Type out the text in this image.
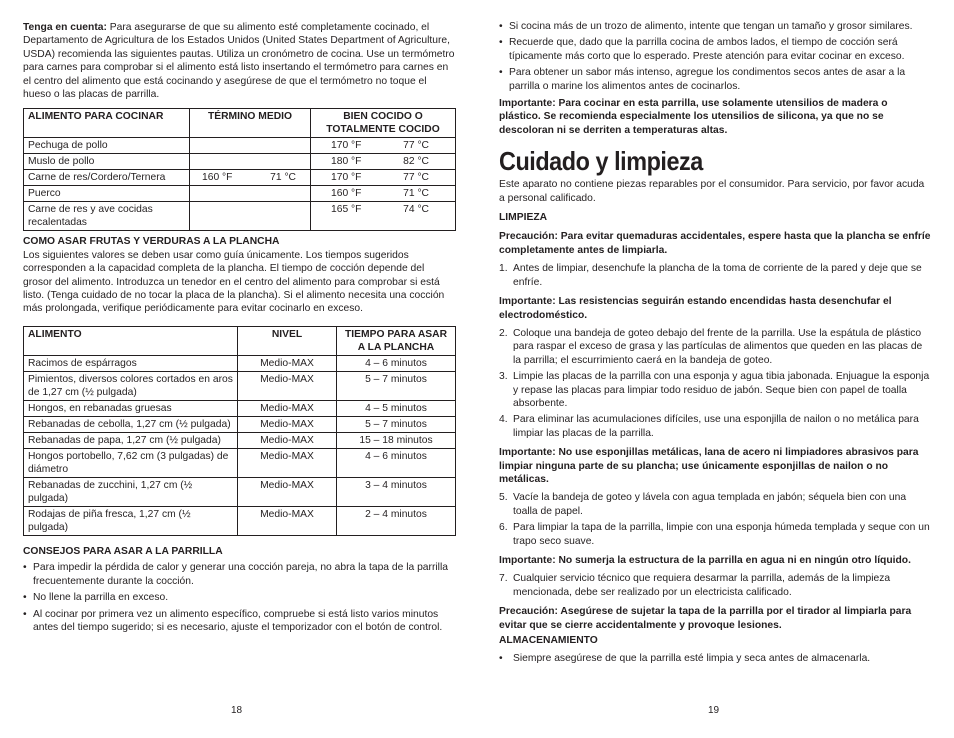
Tenga en cuenta: Para asegurarse de que su alimento esté completamente cocinado, el Departamento de Agricultura de los Estados Unidos (United States Department of Agriculture, USDA) recomienda las siguientes pautas. Utiliza un cronómetro de cocina. Use un termómetro para carnes para comprobar si el alimento está listo insertando el termómetro para carnes en el centro del alimento que está cocinando y asegúrese de que el termómetro no toque el hueso o las placas de parrilla.

ALIMENTO PARA COCINAR	TÉRMINO MEDIO	BIEN COCIDO O TOTALMENTE COCIDO
Pechuga de pollo		170 °F 77 °C
Muslo de pollo		180 °F 82 °C
Carne de res/Cordero/Ternera	160 °F 71 °C	170 °F 77 °C
Puerco		160 °F 71 °C
Carne de res y ave cocidas recalentadas		165 °F 74 °C

COMO ASAR FRUTAS Y VERDURAS A LA PLANCHA

Los siguientes valores se deben usar como guía únicamente. Los tiempos sugeridos corresponden a la capacidad completa de la plancha. El tiempo de cocción depende del grosor del alimento. Introduzca un tenedor en el centro del alimento para comprobar si está listo. (Tenga cuidado de no tocar la placa de la plancha). Si el alimento necesita una cocción más prolongada, verifique periódicamente para evitar cocinarlo en exceso.

ALIMENTO	NIVEL	TIEMPO PARA ASAR A LA PLANCHA
Racimos de espárragos	Medio-MAX	4 – 6 minutos
Pimientos, diversos colores cortados en aros de 1,27 cm (½ pulgada)	Medio-MAX	5 – 7 minutos
Hongos, en rebanadas gruesas	Medio-MAX	4 – 5 minutos
Rebanadas de cebolla, 1,27 cm (½ pulgada)	Medio-MAX	5 – 7 minutos
Rebanadas de papa, 1,27 cm (½ pulgada)	Medio-MAX	15 – 18 minutos
Hongos portobello, 7,62 cm (3 pulgadas) de diámetro	Medio-MAX	4 – 6 minutos
Rebanadas de zucchini, 1,27 cm (½ pulgada)	Medio-MAX	3 – 4 minutos
Rodajas de piña fresca, 1,27 cm (½ pulgada)	Medio-MAX	2 – 4 minutos

CONSEJOS PARA ASAR A LA PARRILLA

• Para impedir la pérdida de calor y generar una cocción pareja, no abra la tapa de la parrilla frecuentemente durante la cocción.
• No llene la parrilla en exceso.
• Al cocinar por primera vez un alimento específico, compruebe si está listo varios minutos antes del tiempo sugerido; si es necesario, ajuste el temporizador con el botón de control.
18
• Si cocina más de un trozo de alimento, intente que tengan un tamaño y grosor similares.
• Recuerde que, dado que la parrilla cocina de ambos lados, el tiempo de cocción será típicamente más corto que lo esperado. Preste atención para evitar cocinar en exceso.
• Para obtener un sabor más intenso, agregue los condimentos secos antes de asar a la parrilla o marine los alimentos antes de cocinarlos.

Importante: Para cocinar en esta parrilla, use solamente utensilios de madera o plástico. Se recomienda especialmente los utensilios de silicona, ya que no se descoloran ni se derriten a temperaturas altas.

Cuidado y limpieza

Este aparato no contiene piezas reparables por el consumidor. Para servicio, por favor acuda a personal calificado.

LIMPIEZA

Precaución: Para evitar quemaduras accidentales, espere hasta que la plancha se enfríe completamente antes de limpiarla.

1. Antes de limpiar, desenchufe la plancha de la toma de corriente de la pared y deje que se enfríe.

Importante: Las resistencias seguirán estando encendidas hasta desenchufar el electrodoméstico.

2. Coloque una bandeja de goteo debajo del frente de la parrilla. Use la espátula de plástico para raspar el exceso de grasa y las partículas de alimentos que queden en las placas de la parrilla; el escurrimiento caerá en la bandeja de goteo.
3. Limpie las placas de la parrilla con una esponja y agua tibia jabonada. Enjuague la esponja y repase las placas para limpiar todo residuo de jabón. Seque bien con papel de toalla absorbente.
4. Para eliminar las acumulaciones difíciles, use una esponjilla de nailon o no metálica para limpiar las placas de la parrilla.

Importante: No use esponjillas metálicas, lana de acero ni limpiadores abrasivos para limpiar ninguna parte de su plancha; use únicamente esponjillas de nailon o no metálicas.

5. Vacíe la bandeja de goteo y lávela con agua templada en jabón; séquela bien con una toalla de papel.
6. Para limpiar la tapa de la parrilla, limpie con una esponja húmeda templada y seque con un trapo seco suave.

Importante: No sumerja la estructura de la parrilla en agua ni en ningún otro líquido.

7. Cualquier servicio técnico que requiera desarmar la parrilla, además de la limpieza mencionada, debe ser realizado por un electricista calificado.

Precaución: Asegúrese de sujetar la tapa de la parrilla por el tirador al limpiarla para evitar que se cierre accidentalmente y provoque lesiones.

ALMACENAMIENTO

• Siempre asegúrese de que la parrilla esté limpia y seca antes de almacenarla.
19
